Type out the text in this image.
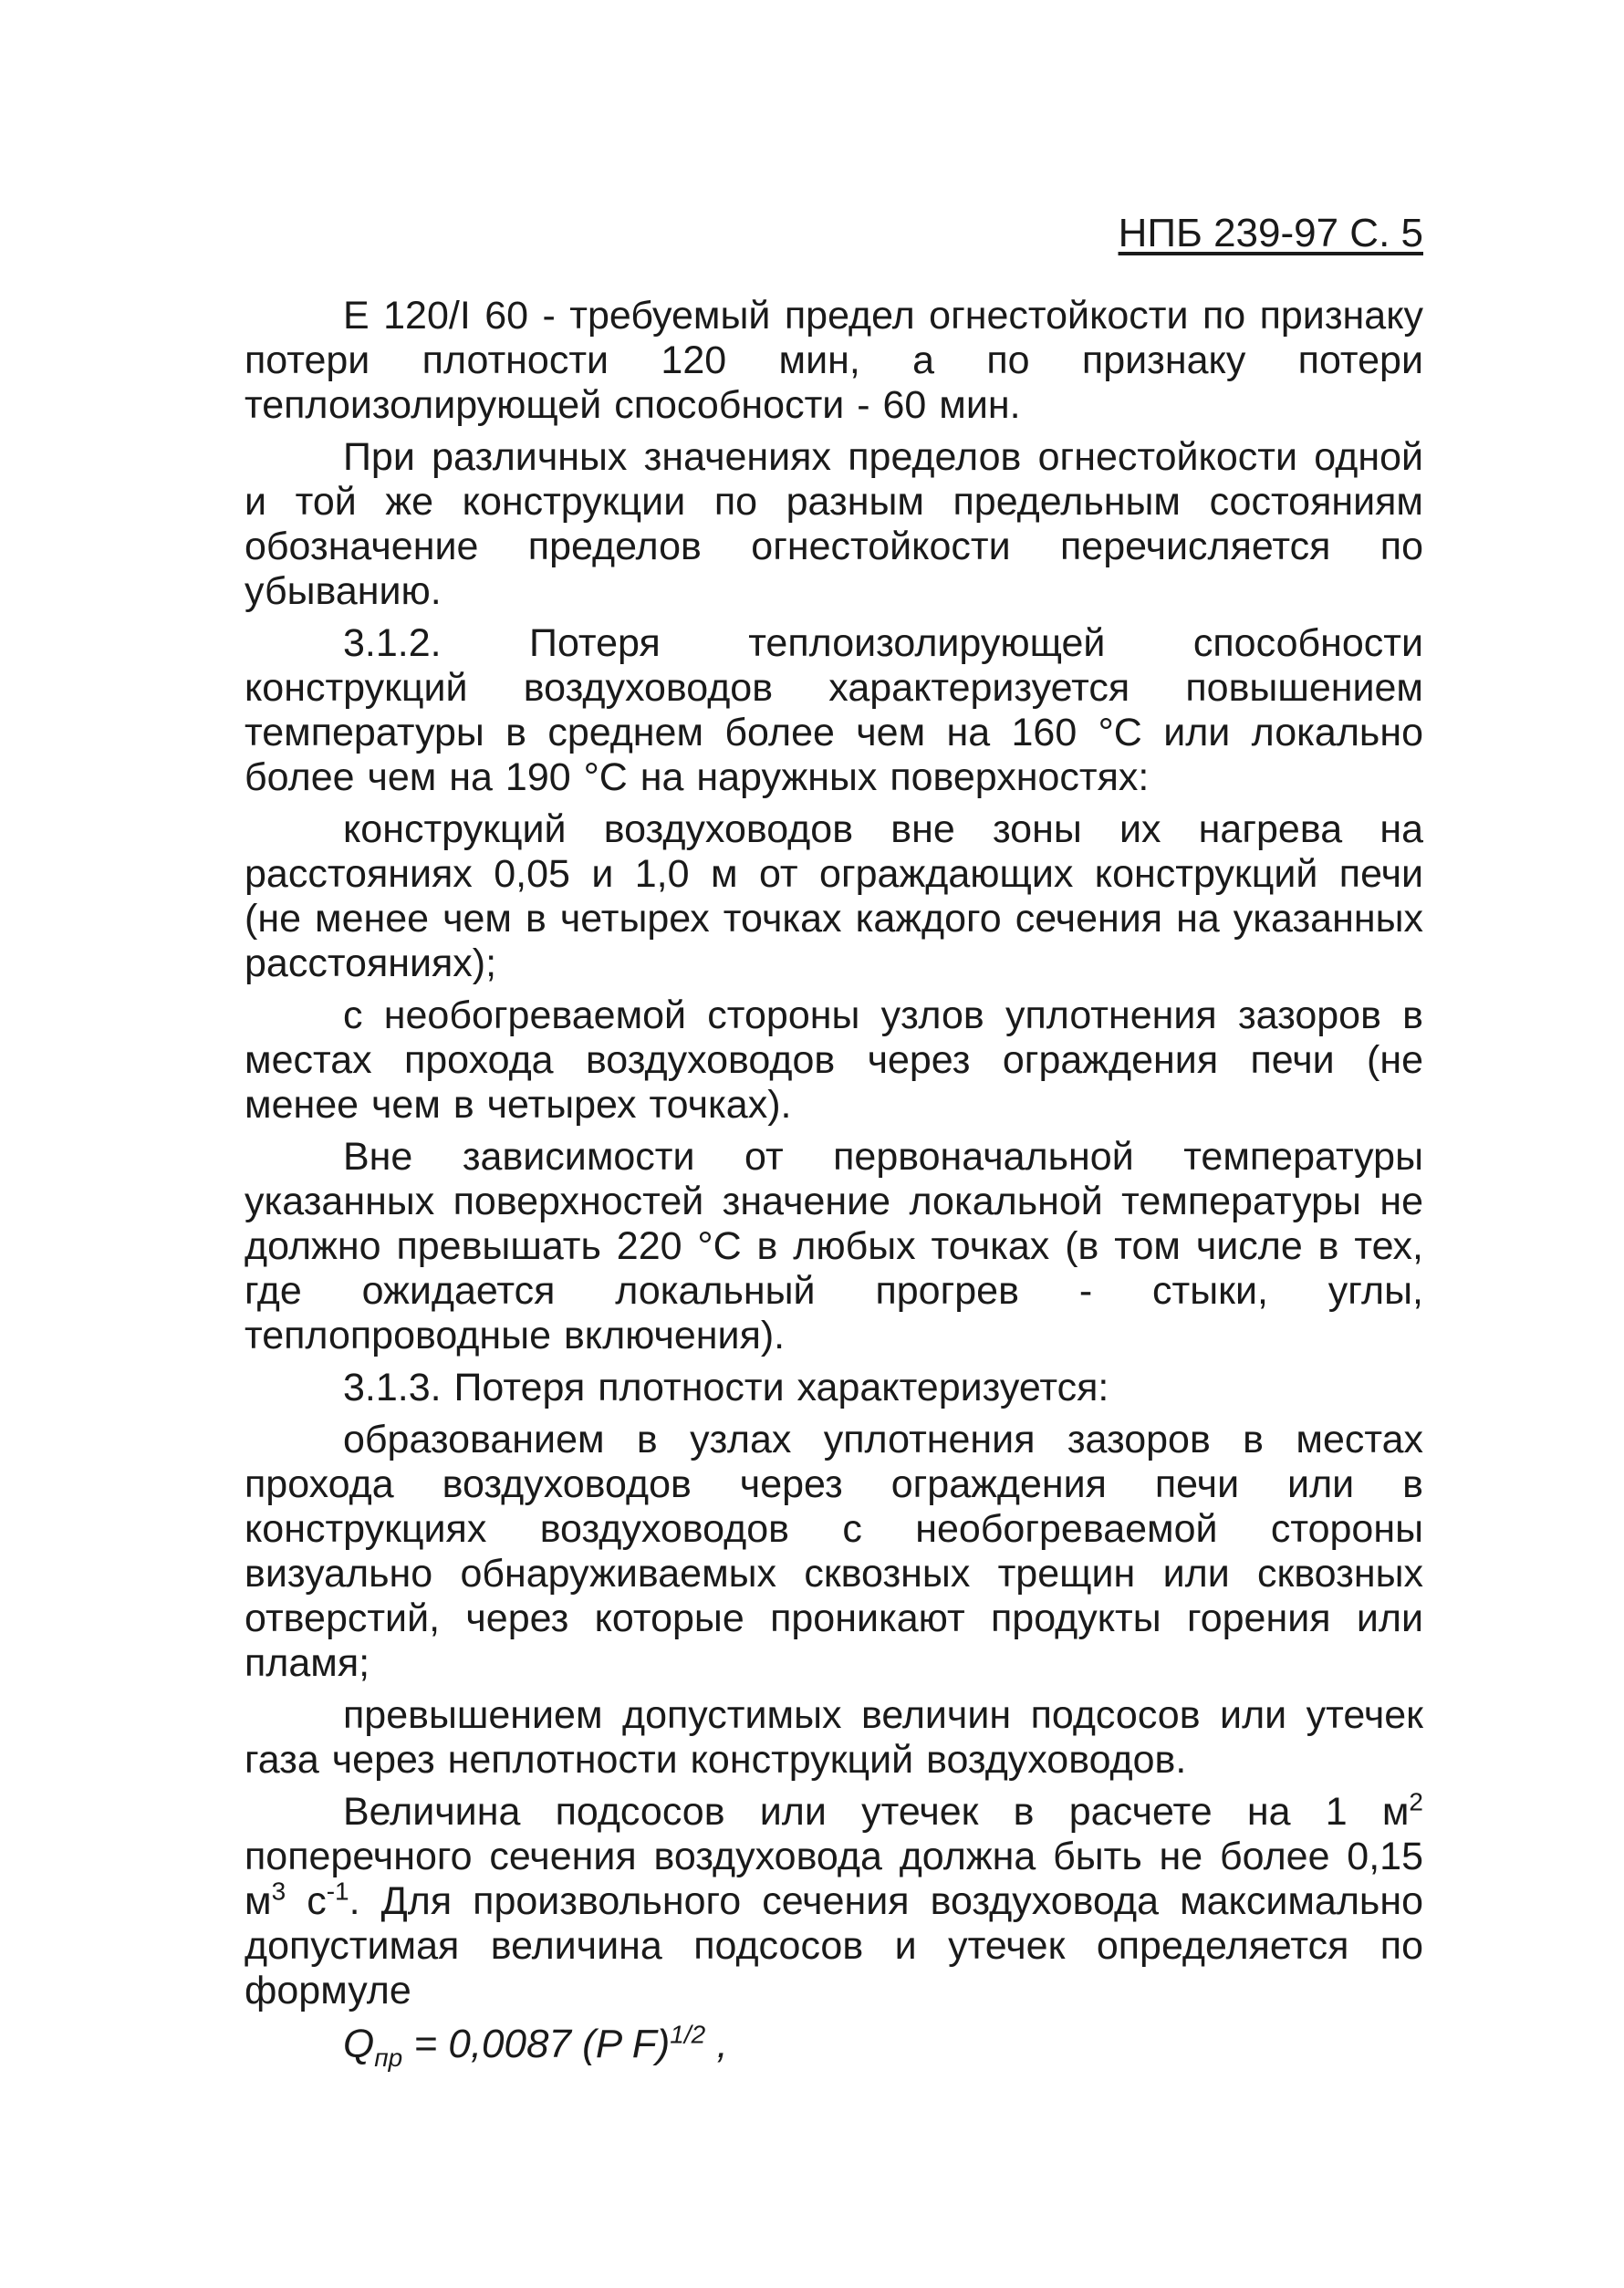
НПБ 239-97 С. 5

Е 120/I 60 - требуемый предел огнестойкости по признаку потери плотности 120 мин, а по признаку потери теплоизолирующей способности - 60 мин.

При различных значениях пределов огнестойкости одной и той же конструкции по разным предельным состояниям обозначение пределов огнестойкости перечисляется по убыванию.

3.1.2. Потеря теплоизолирующей способности конструкций воздуховодов характеризуется повышением температуры в среднем более чем на 160 °С или локально более чем на 190 °С на наружных поверхностях:

конструкций воздуховодов вне зоны их нагрева на расстояниях 0,05 и 1,0 м от ограждающих конструкций печи (не менее чем в четырех точках каждого сечения на указанных расстояниях);

с необогреваемой стороны узлов уплотнения зазоров в местах прохода воздуховодов через ограждения печи (не менее чем в четырех точках).

Вне зависимости от первоначальной температуры указанных поверхностей значение локальной температуры не должно превышать 220 °С в любых точках (в том числе в тех, где ожидается локальный прогрев - стыки, углы, теплопроводные включения).

3.1.3. Потеря плотности характеризуется:

образованием в узлах уплотнения зазоров в местах прохода воздуховодов через ограждения печи или в конструкциях воздуховодов с необогреваемой стороны визуально обнаруживаемых сквозных трещин или сквозных отверстий, через которые проникают продукты горения или пламя;

превышением допустимых величин подсосов или утечек газа через неплотности конструкций воздуховодов.

Величина подсосов или утечек в расчете на 1 $м^2$ поперечного сечения воздуховода должна быть не более 0,15 $м^3$ $с^{-1}$. Для произвольного сечения воздуховода максимально допустимая величина подсосов и утечек определяется по формуле

$Q_{пр} = 0,0087$ (P F)$^{1/2}$ ,
